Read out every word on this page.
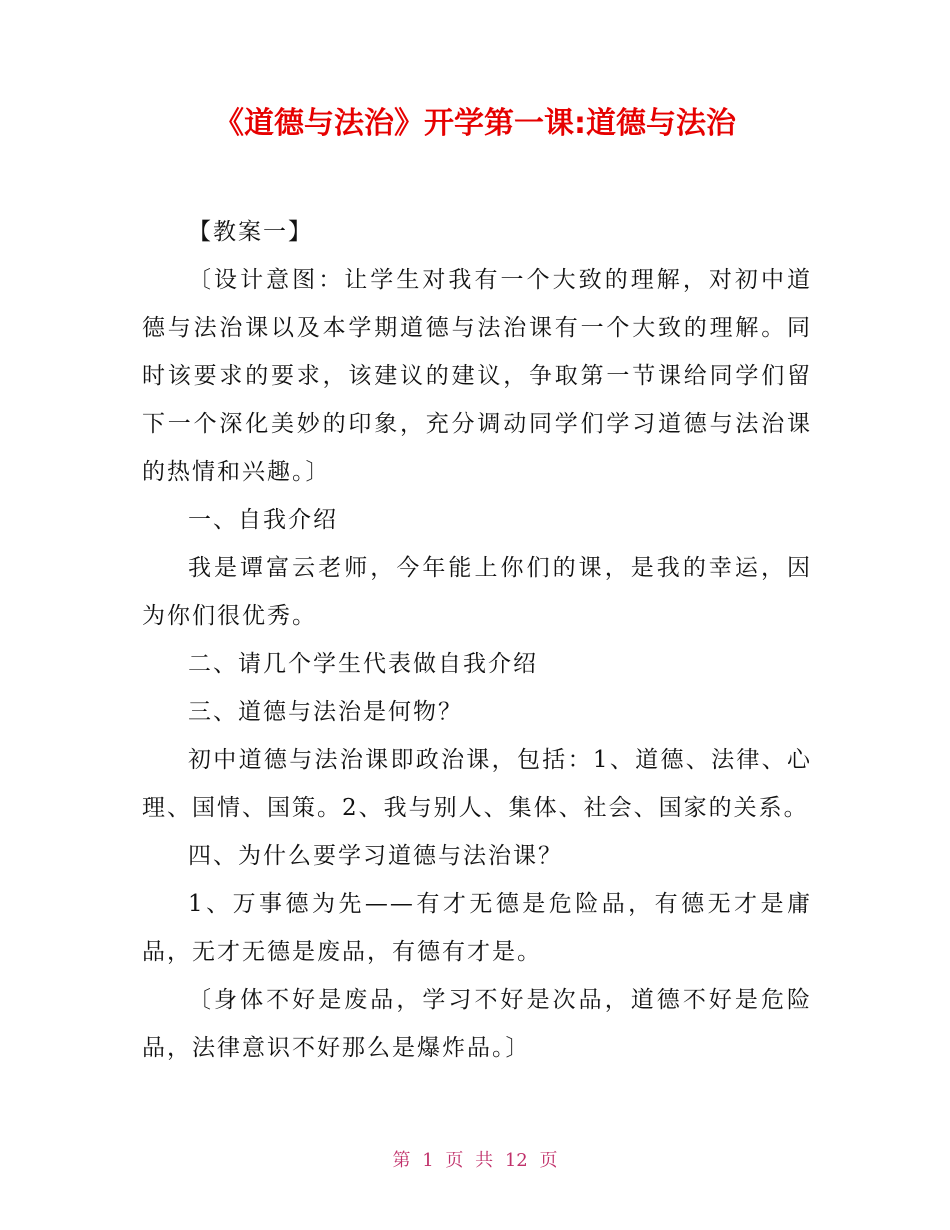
《道德与法治》开学第一课:道德与法治

【教案一】

〔设计意图：让学生对我有一个大致的理解，对初中道德与法治课以及本学期道德与法治课有一个大致的理解。同时该要求的要求，该建议的建议，争取第一节课给同学们留下一个深化美妙的印象，充分调动同学们学习道德与法治课的热情和兴趣。〕

一、自我介绍

我是谭富云老师，今年能上你们的课，是我的幸运，因为你们很优秀。

二、请几个学生代表做自我介绍

三、道德与法治是何物？

初中道德与法治课即政治课，包括：1、道德、法律、心理、国情、国策。2、我与别人、集体、社会、国家的关系。

四、为什么要学习道德与法治课？

1、万事德为先——有才无德是危险品，有德无才是庸品，无才无德是废品，有德有才是。

〔身体不好是废品，学习不好是次品，道德不好是危险品，法律意识不好那么是爆炸品。〕

第 1 页 共 12 页
